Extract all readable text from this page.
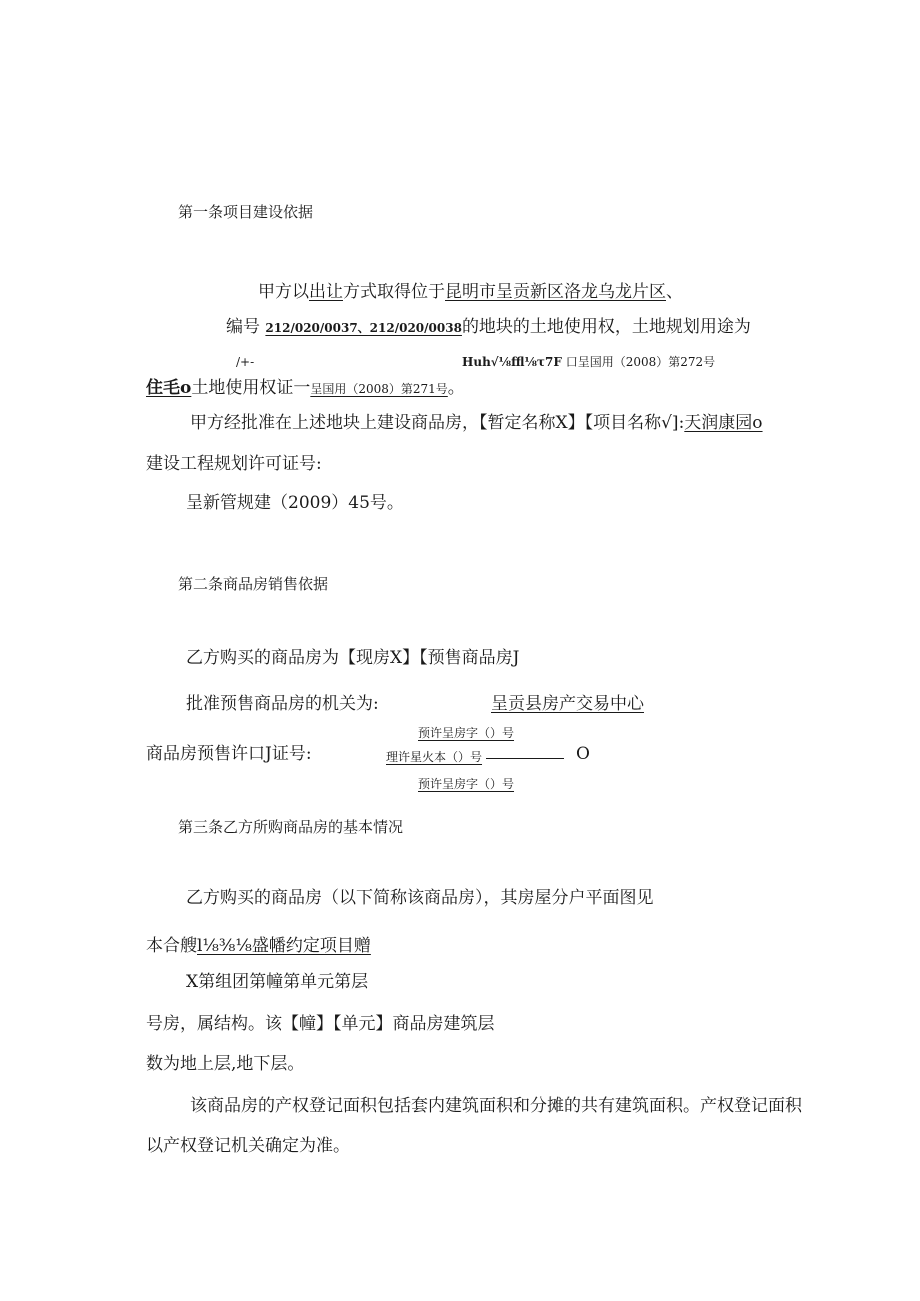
第一条项目建设依据
甲方以出让方式取得位于昆明市呈贡新区洛龙乌龙片区、
编号 212/020/0037、212/020/0038的地块的土地使用权，土地规划用途为
/+-	Huh√⅛ffl⅛τ7F 口呈国用（2008）第272号
住毛o土地使用权证一呈国用（2008）第271号。
甲方经批准在上述地块上建设商品房，【暂定名称X】【项目名称√]:天润康园o
建设工程规划许可证号:
呈新管规建（2009）45号。
第二条商品房销售依据
乙方购买的商品房为【现房X】【预售商品房J
批准预售商品房的机关为:	呈贡县房产交易中心
预许呈房字（）号
商品房预售许口J证号:	理许星火本（）号	O
预许呈房字（）号
第三条乙方所购商品房的基本情况
乙方购买的商品房（以下简称该商品房），其房屋分户平面图见
本合艘l⅛⅜⅛盛幡约定项目赠
X第组团第幢第单元第层
号房，属结构。该【幢】【单元】商品房建筑层
数为地上层,地下层。
该商品房的产权登记面积包括套内建筑面积和分摊的共有建筑面积。产权登记面积
以产权登记机关确定为准。
